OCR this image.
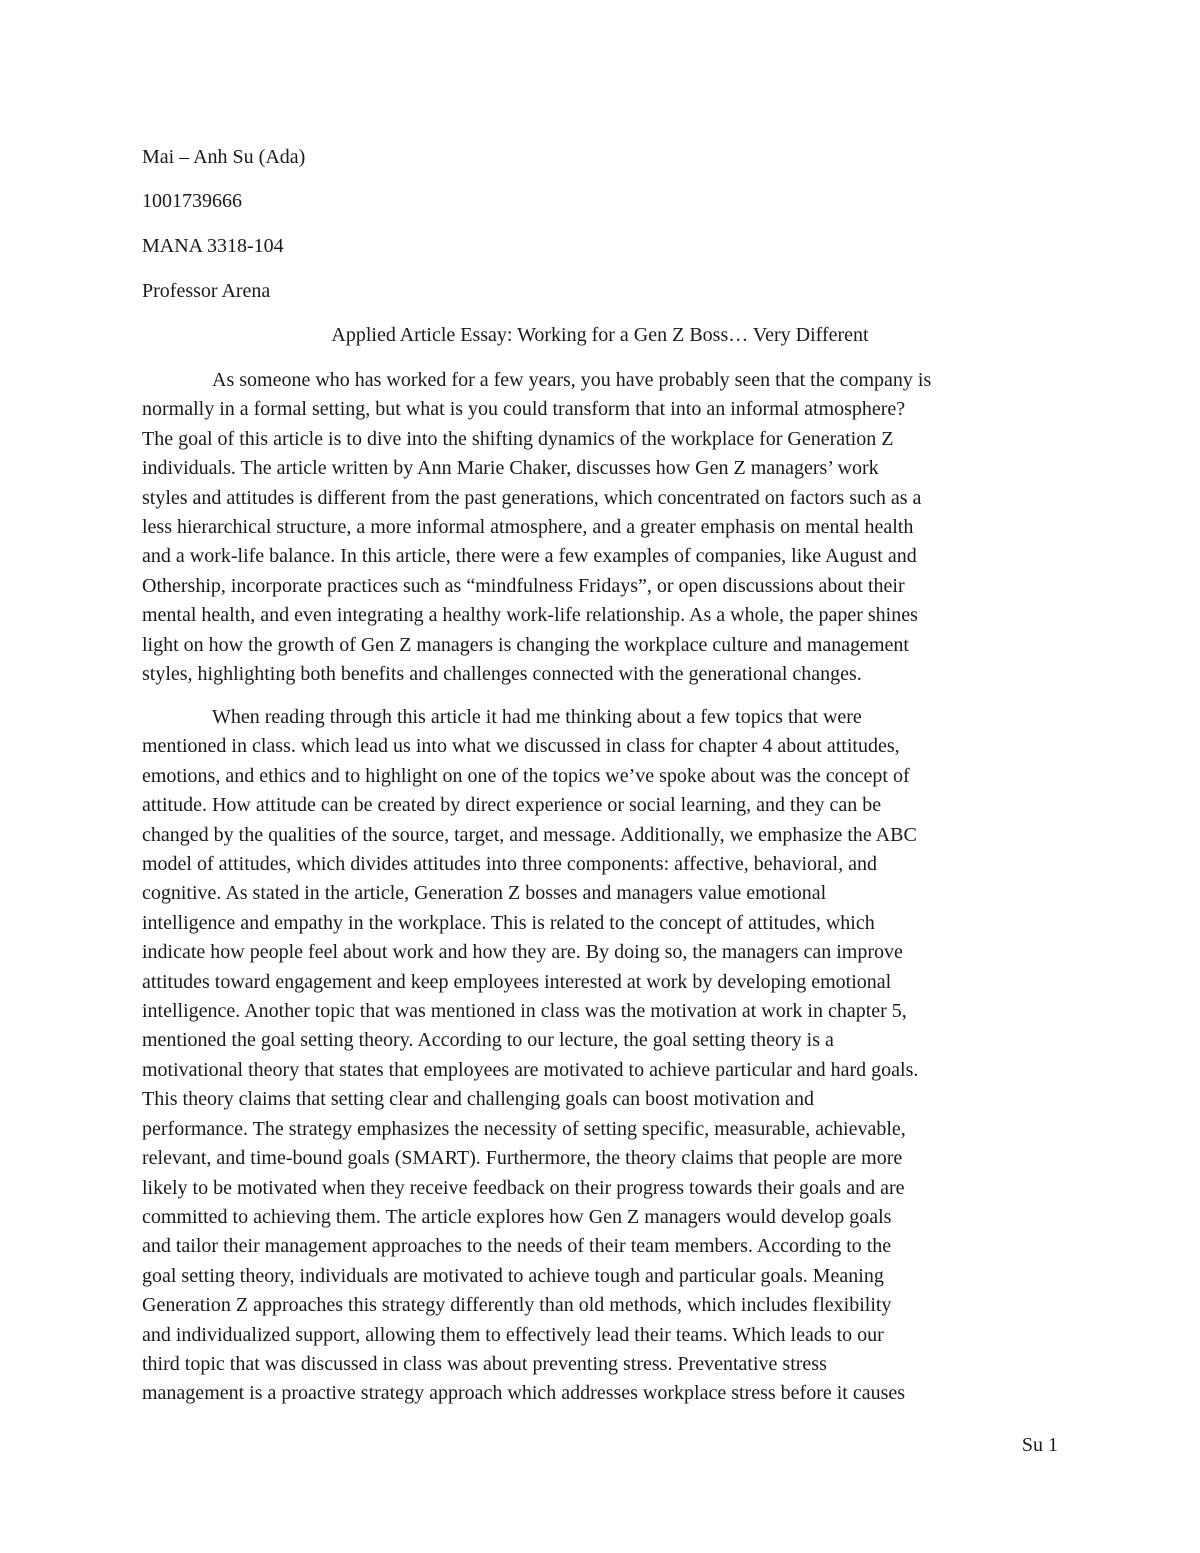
Mai – Anh Su (Ada)
1001739666
MANA 3318-104
Professor Arena
Applied Article Essay: Working for a Gen Z Boss… Very Different

As someone who has worked for a few years, you have probably seen that the company is
normally in a formal setting, but what is you could transform that into an informal atmosphere?
The goal of this article is to dive into the shifting dynamics of the workplace for Generation Z
individuals. The article written by Ann Marie Chaker, discusses how Gen Z managers’ work
styles and attitudes is different from the past generations, which concentrated on factors such as a
less hierarchical structure, a more informal atmosphere, and a greater emphasis on mental health
and a work-life balance. In this article, there were a few examples of companies, like August and
Othership, incorporate practices such as “mindfulness Fridays”, or open discussions about their
mental health, and even integrating a healthy work-life relationship. As a whole, the paper shines
light on how the growth of Gen Z managers is changing the workplace culture and management
styles, highlighting both benefits and challenges connected with the generational changes.

When reading through this article it had me thinking about a few topics that were
mentioned in class. which lead us into what we discussed in class for chapter 4 about attitudes,
emotions, and ethics and to highlight on one of the topics we’ve spoke about was the concept of
attitude. How attitude can be created by direct experience or social learning, and they can be
changed by the qualities of the source, target, and message. Additionally, we emphasize the ABC
model of attitudes, which divides attitudes into three components: affective, behavioral, and
cognitive. As stated in the article, Generation Z bosses and managers value emotional
intelligence and empathy in the workplace. This is related to the concept of attitudes, which
indicate how people feel about work and how they are. By doing so, the managers can improve
attitudes toward engagement and keep employees interested at work by developing emotional
intelligence. Another topic that was mentioned in class was the motivation at work in chapter 5,
mentioned the goal setting theory. According to our lecture, the goal setting theory is a
motivational theory that states that employees are motivated to achieve particular and hard goals.
This theory claims that setting clear and challenging goals can boost motivation and
performance. The strategy emphasizes the necessity of setting specific, measurable, achievable,
relevant, and time-bound goals (SMART). Furthermore, the theory claims that people are more
likely to be motivated when they receive feedback on their progress towards their goals and are
committed to achieving them. The article explores how Gen Z managers would develop goals
and tailor their management approaches to the needs of their team members. According to the
goal setting theory, individuals are motivated to achieve tough and particular goals. Meaning
Generation Z approaches this strategy differently than old methods, which includes flexibility
and individualized support, allowing them to effectively lead their teams. Which leads to our
third topic that was discussed in class was about preventing stress. Preventative stress
management is a proactive strategy approach which addresses workplace stress before it causes

Su 1
